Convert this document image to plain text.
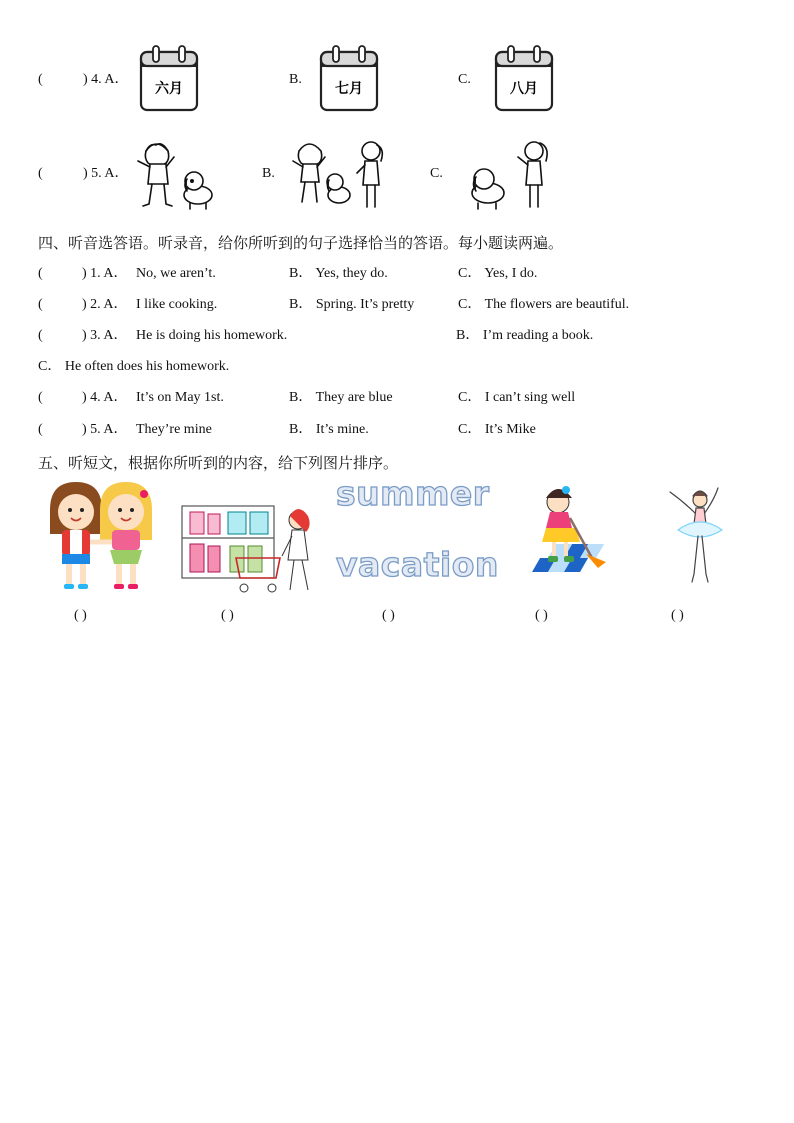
(	) 4. A．
六月
B.
七月
C.
八月
(	) 5. A．	B.	C.
四、听音选答语。听录音，给你所听到的句子选择恰当的答语。每小题读两遍。
(	) 1. A． No, we aren’t.	B． Yes, they do.	C． Yes, I do.
(	) 2. A． I like cooking.	B． Spring. It’s pretty	C． The flowers are beautiful.
(	) 3. A． He is doing his homework.	B． I’m reading a book.
C． He often does his homework.
(	) 4. A． It’s on May 1st.	B． They are blue	C． I can’t sing well
(	) 5. A． They’re mine	B． It’s mine.	C． It’s Mike
五、听短文，根据你所听到的内容，给下列图片排序。
summer
vacation
( )	( )	( )	( )	( )
